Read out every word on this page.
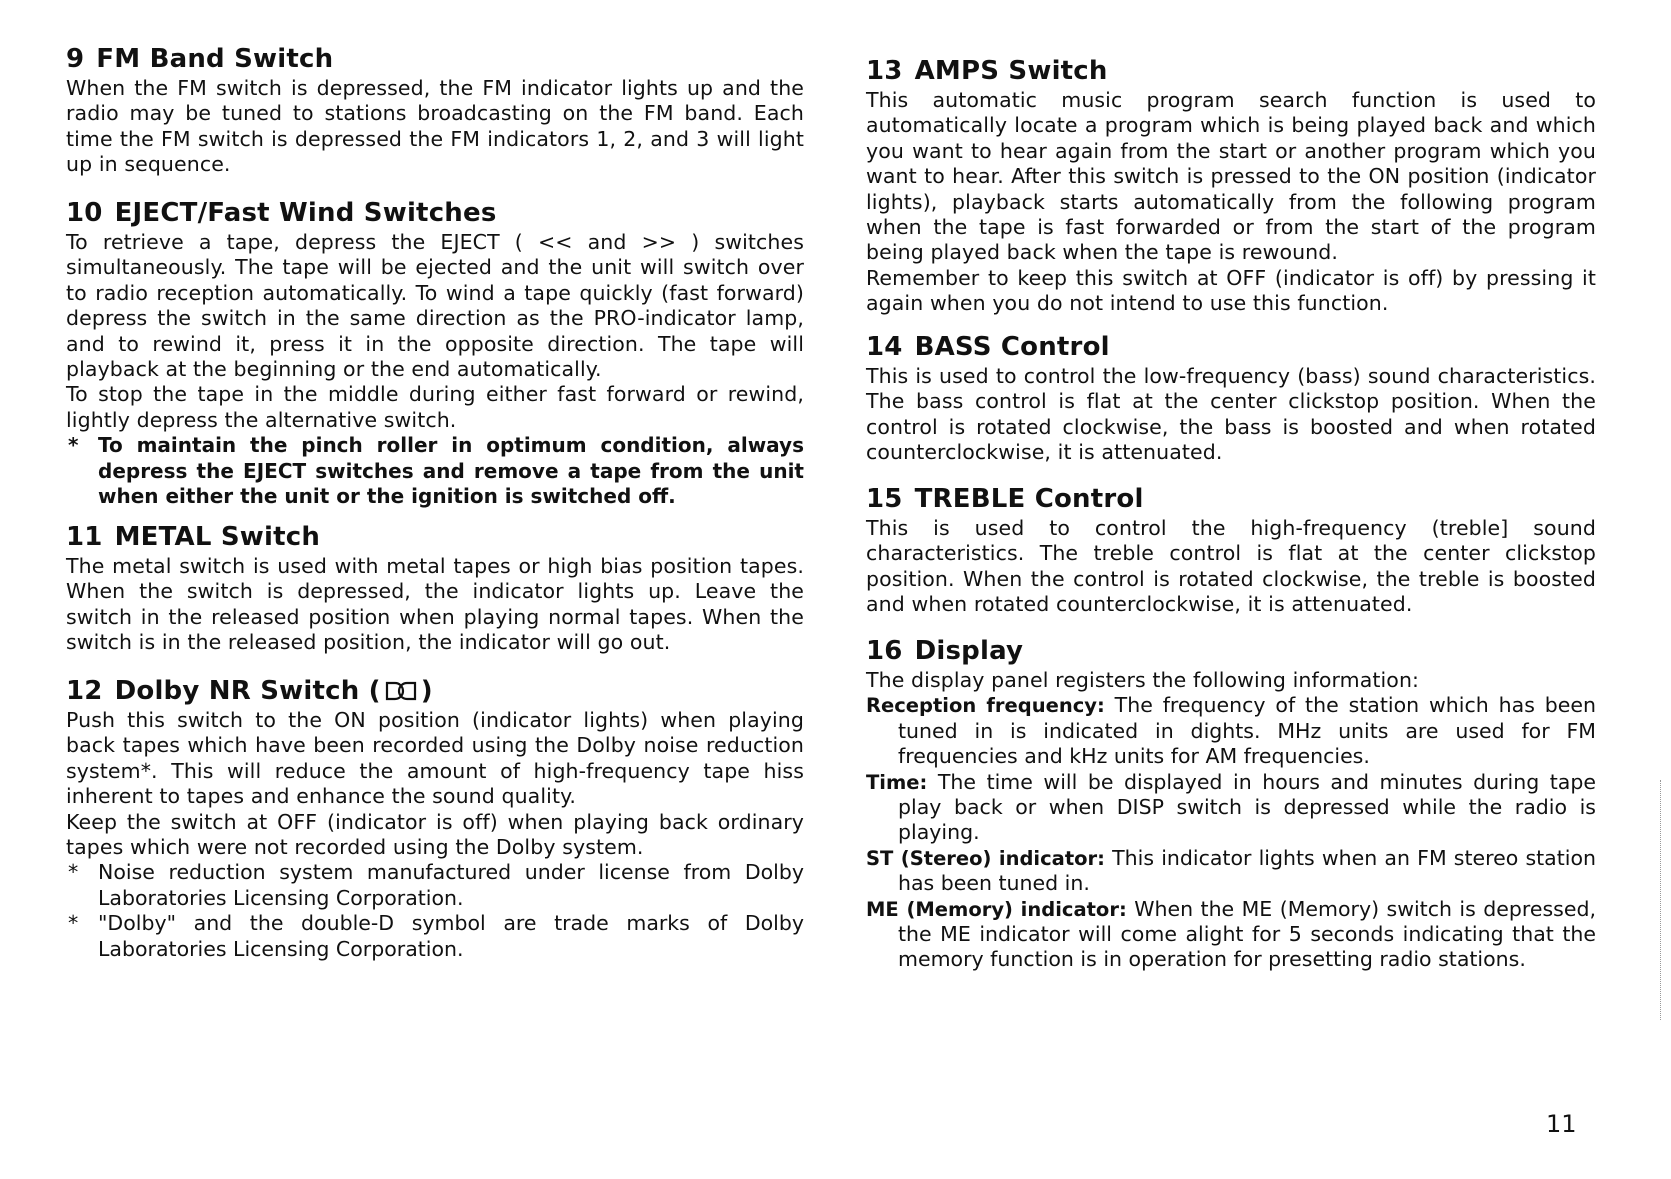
9 FM Band Switch

When the FM switch is depressed, the FM indicator lights up and the radio may be tuned to stations broadcasting on the FM band. Each time the FM switch is depressed the FM indicators 1, 2, and 3 will light up in sequence.

10 EJECT/Fast Wind Switches

To retrieve a tape, depress the EJECT ( << and >> ) switches simultaneously. The tape will be ejected and the unit will switch over to radio reception automatically. To wind a tape quickly (fast forward) depress the switch in the same direction as the PRO-indicator lamp, and to rewind it, press it in the opposite direction. The tape will playback at the beginning or the end automatically.

To stop the tape in the middle during either fast forward or rewind, lightly depress the alternative switch.

* To maintain the pinch roller in optimum condition, always depress the EJECT switches and remove a tape from the unit when either the unit or the ignition is switched off.

11 METAL Switch

The metal switch is used with metal tapes or high bias position tapes. When the switch is depressed, the indicator lights up. Leave the switch in the released position when playing normal tapes. When the switch is in the released position, the indicator will go out.

12 Dolby NR Switch ( )

Push this switch to the ON position (indicator lights) when playing back tapes which have been recorded using the Dolby noise reduction system*. This will reduce the amount of high-frequency tape hiss inherent to tapes and enhance the sound quality.

Keep the switch at OFF (indicator is off) when playing back ordinary tapes which were not recorded using the Dolby system.

* Noise reduction system manufactured under license from Dolby Laboratories Licensing Corporation.

* "Dolby" and the double-D symbol are trade marks of Dolby Laboratories Licensing Corporation.

13 AMPS Switch

This automatic music program search function is used to automatically locate a program which is being played back and which you want to hear again from the start or another program which you want to hear. After this switch is pressed to the ON position (indicator lights), playback starts automatically from the following program when the tape is fast forwarded or from the start of the program being played back when the tape is rewound.

Remember to keep this switch at OFF (indicator is off) by pressing it again when you do not intend to use this function.

14 BASS Control

This is used to control the low-frequency (bass) sound characteristics. The bass control is flat at the center clickstop position. When the control is rotated clockwise, the bass is boosted and when rotated counterclockwise, it is attenuated.

15 TREBLE Control

This is used to control the high-frequency (treble] sound characteristics. The treble control is flat at the center clickstop position. When the control is rotated clockwise, the treble is boosted and when rotated counterclockwise, it is attenuated.

16 Display

The display panel registers the following information:

Reception frequency: The frequency of the station which has been tuned in is indicated in dights. MHz units are used for FM frequencies and kHz units for AM frequencies.

Time: The time will be displayed in hours and minutes during tape play back or when DISP switch is depressed while the radio is playing.

ST (Stereo) indicator: This indicator lights when an FM stereo station has been tuned in.

ME (Memory) indicator: When the ME (Memory) switch is depressed, the ME indicator will come alight for 5 seconds indicating that the memory function is in operation for presetting radio stations.

11
